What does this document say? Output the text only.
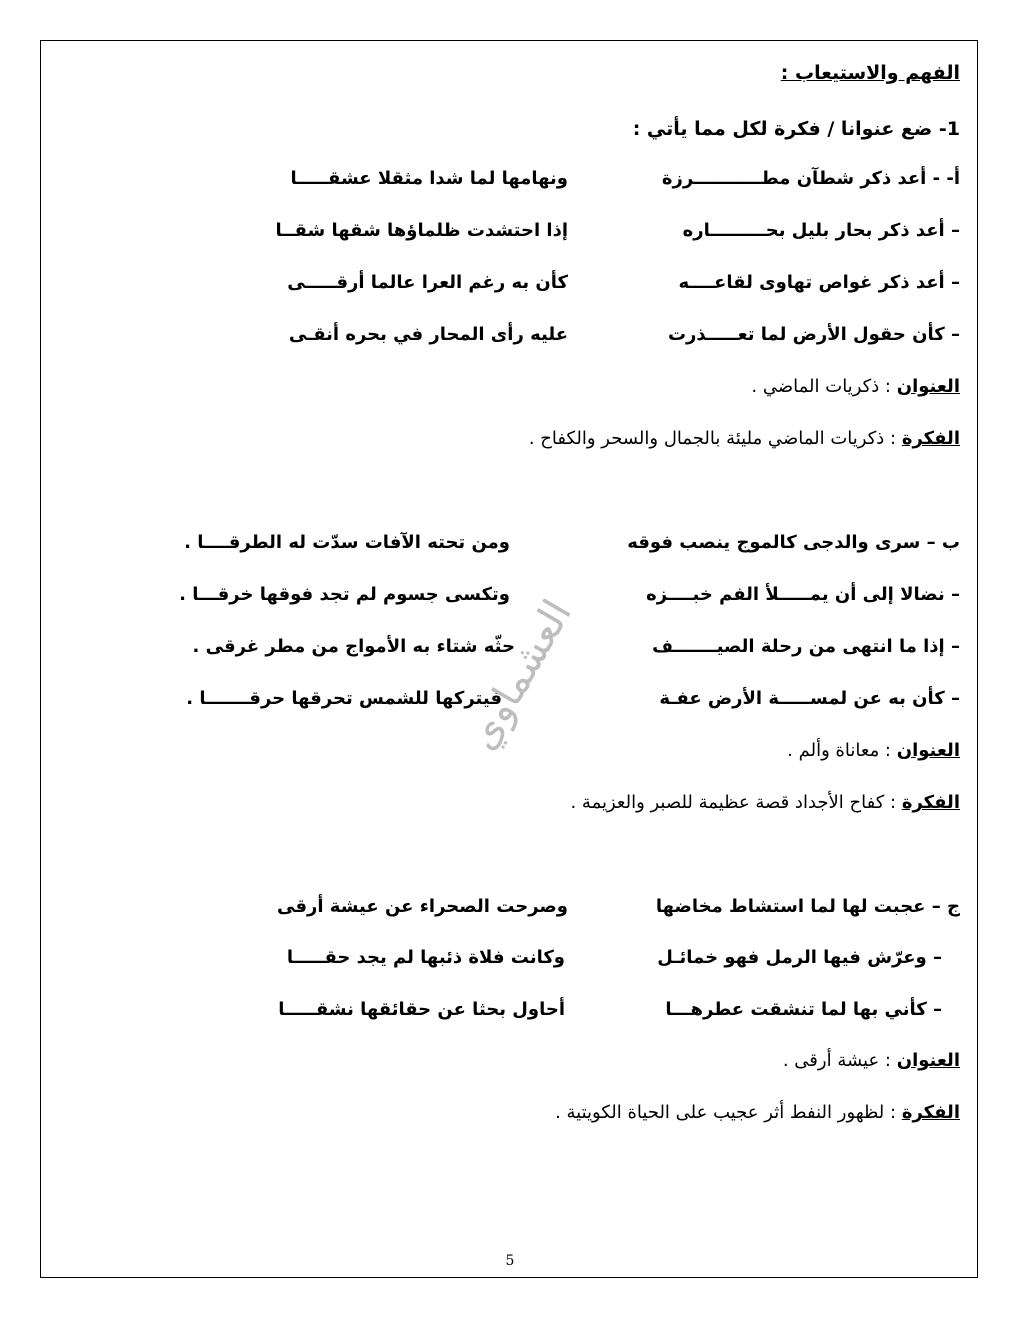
الفهم والاستيعاب :
1- ضع عنوانا / فكرة لكل مما يأتي :
أ- - أعد ذكر شطآن مطـــــــــــرزة
ونهامها لما شدا مثقلا عشقـــــا
– أعد ذكر بحار بليل بحـــــــــاره
إذا احتشدت ظلماؤها شقها شقــا
– أعد ذكر غواص تهاوى لقاعــــه
كأن به رغم العرا عالما أرقـــــى
– كأن حقول الأرض لما تعـــــذرت
عليه رأى المحار في بحره أنقـى
العنوان : ذكريات الماضي .
الفكرة : ذكريات الماضي مليئة بالجمال والسحر والكفاح .
ب – سرى والدجى كالموج ينصب فوقه
ومن تحته الآفات سدّت له الطرقــــا .
– نضالا إلى أن يمـــــلأ الفم خبــــزه
وتكسى جسوم لم تجد فوقها خرقـــا .
– إذا ما انتهى من رحلة الصيـــــــف
حثّه شتاء به الأمواج من مطر غرقى .
– كأن به عن لمســـــة الأرض عفـة
فيتركها للشمس تحرقها حرقـــــــا .
العنوان : معاناة وألم .
الفكرة : كفاح الأجداد قصة عظيمة للصبر والعزيمة .
ج – عجبت لها لما استشاط مخاضها
وصرحت الصحراء عن عيشة أرقى
– وعرّش فيها الرمل فهو خمائـل
وكانت فلاة ذئبها لم يجد حقـــــا
– كأني بها لما تنشقت عطرهـــا
أحاول بحثا عن حقائقها نشقـــــا
العنوان : عيشة أرقى .
الفكرة : لظهور النفط أثر عجيب على الحياة الكويتية .
العشماوي
5
